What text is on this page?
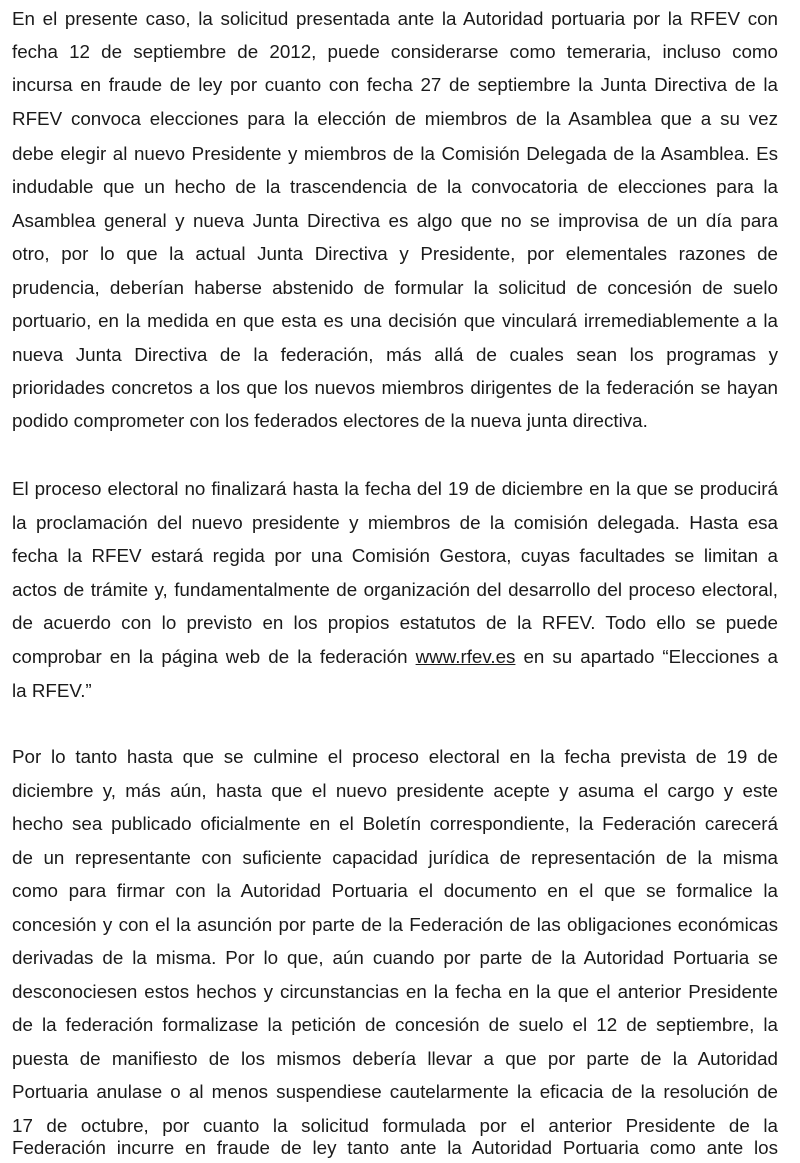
En el presente caso, la solicitud presentada ante la Autoridad portuaria por la RFEV con
fecha 12 de septiembre de 2012, puede considerarse como temeraria, incluso como
incursa en fraude de ley por cuanto con fecha 27 de septiembre la Junta Directiva de la
RFEV convoca elecciones para la elección de miembros de la Asamblea que a su vez
debe elegir al nuevo Presidente y miembros de la Comisión Delegada de la Asamblea. Es
indudable que un hecho de la trascendencia de la convocatoria de elecciones para la
Asamblea general y nueva Junta Directiva es algo que no se improvisa de un día para
otro, por lo que la actual Junta Directiva y Presidente, por elementales razones de
prudencia, deberían haberse abstenido de formular la solicitud de concesión de suelo
portuario, en la medida en que esta es una decisión que vinculará irremediablemente a la
nueva Junta Directiva de la federación, más allá de cuales sean los programas y
prioridades concretos a los que los nuevos miembros dirigentes de la federación se hayan
podido comprometer con los federados electores de la nueva junta directiva.
El proceso electoral no finalizará hasta la fecha del 19 de diciembre en la que se producirá
la proclamación del nuevo presidente y miembros de la comisión delegada. Hasta esa
fecha la RFEV estará regida por una Comisión Gestora, cuyas facultades se limitan a
actos de trámite y, fundamentalmente de organización del desarrollo del proceso electoral,
de acuerdo con lo previsto en los propios estatutos de la RFEV. Todo ello se puede
comprobar en la página web de la federación www.rfev.es en su apartado “Elecciones a
la RFEV.”
Por lo tanto hasta que se culmine el proceso electoral en la fecha prevista de 19 de
diciembre y, más aún, hasta que el nuevo presidente acepte y asuma el cargo y este
hecho sea publicado oficialmente en el Boletín correspondiente, la Federación carecerá
de un representante con suficiente capacidad jurídica de representación de la misma
como para firmar con la Autoridad Portuaria el documento en el que se formalice la
concesión y con el la asunción por parte de la Federación de las obligaciones económicas
derivadas de la misma. Por lo que, aún cuando por parte de la Autoridad Portuaria se
desconociesen estos hechos y circunstancias en la fecha en la que el anterior Presidente
de la federación formalizase la petición de concesión de suelo el 12 de septiembre, la
puesta de manifiesto de los mismos debería llevar a que por parte de la Autoridad
Portuaria anulase o al menos suspendiese cautelarmente la eficacia de la resolución de
17 de octubre, por cuanto la solicitud formulada por el anterior Presidente de la
Federación incurre en fraude de ley tanto ante la Autoridad Portuaria como ante los
